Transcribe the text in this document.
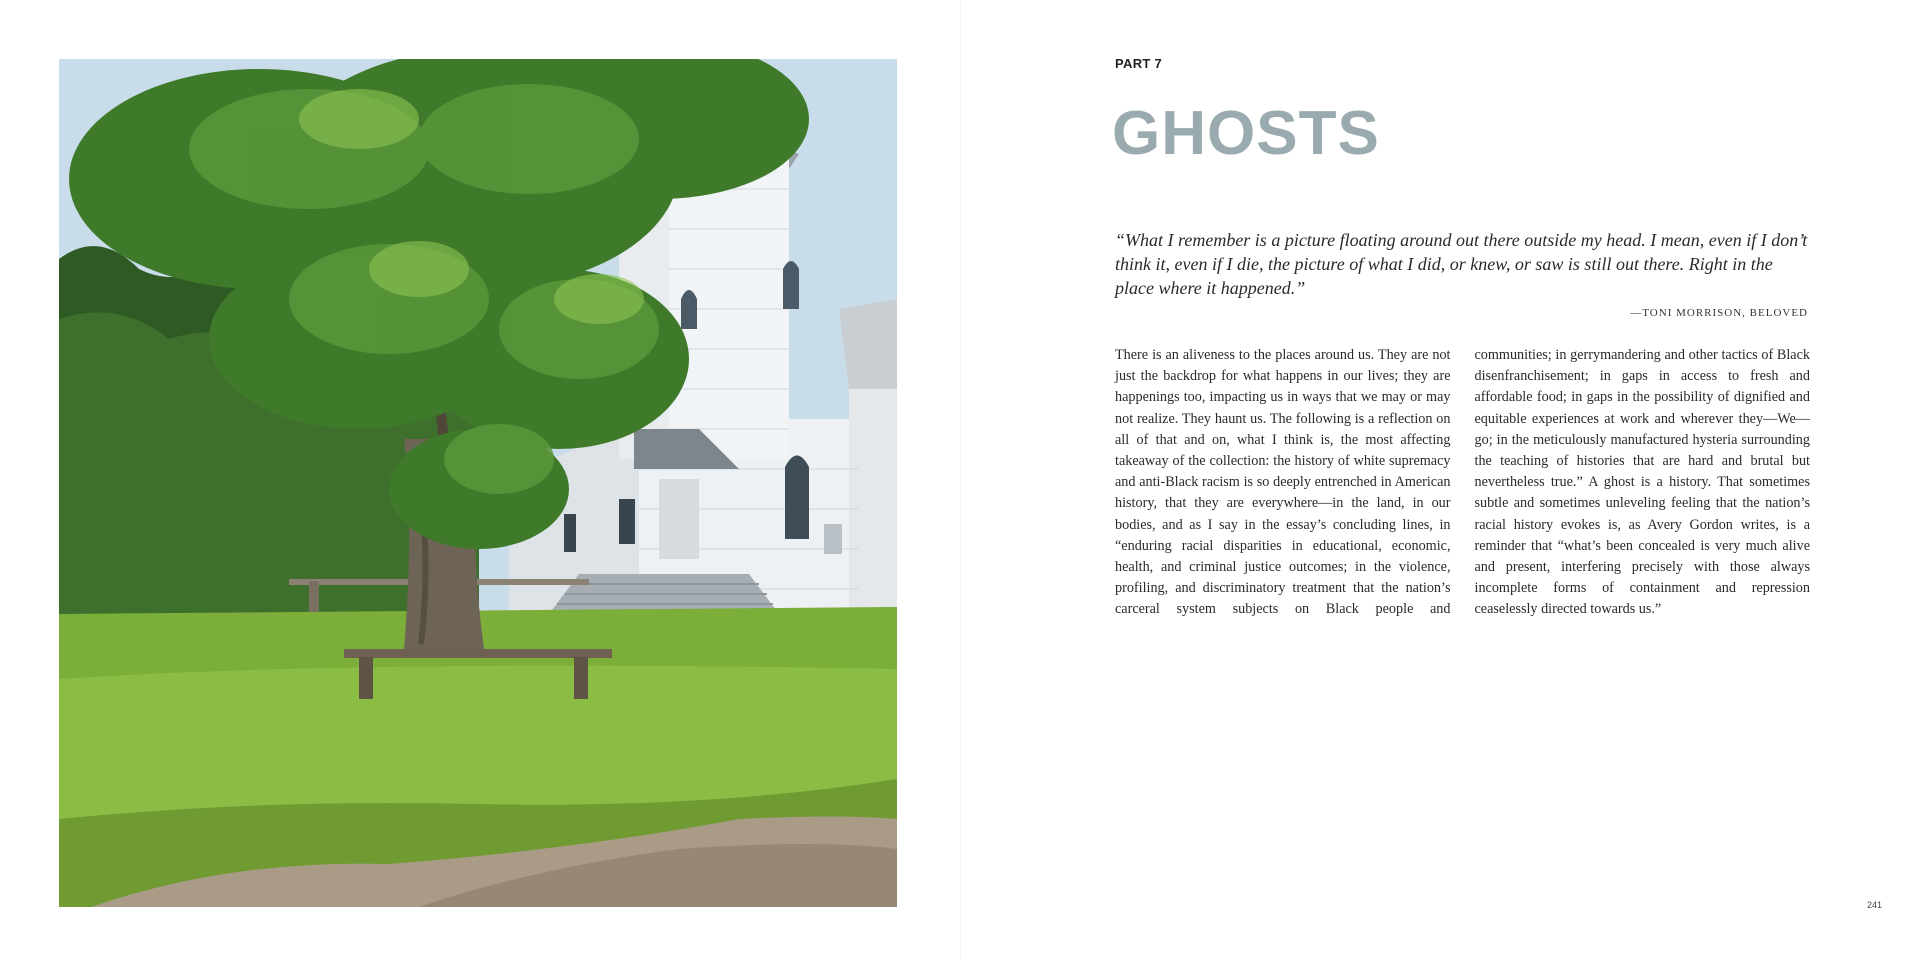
PART 7
GHOSTS

“What I remember is a picture floating around out there outside my head. I mean, even if I don’t think it, even if I die, the picture of what I did, or knew, or saw is still out there. Right in the place where it happened.”

—TONI MORRISON, BELOVED

There is an aliveness to the places around us. They are not just the backdrop for what happens in our lives; they are happenings too, impacting us in ways that we may or may not realize. They haunt us. The following is a reflection on all of that and on, what I think is, the most affecting takeaway of the collection: the history of white supremacy and anti-Black racism is so deeply entrenched in American history, that they are everywhere—in the land, in our bodies, and as I say in the essay’s concluding lines, in “enduring racial disparities in educational, economic, health, and criminal justice outcomes; in the violence, profiling, and discriminatory treatment that the nation’s carceral system subjects on Black people and communities; in gerrymandering and other tactics of Black disenfranchisement; in gaps in access to fresh and affordable food; in gaps in the possibility of dignified and equitable experiences at work and wherever they—We—go; in the meticulously manufactured hysteria surrounding the teaching of histories that are hard and brutal but nevertheless true.” A ghost is a history. That sometimes subtle and sometimes unleveling feeling that the nation’s racial history evokes is, as Avery Gordon writes, is a reminder that “what’s been concealed is very much alive and present, interfering precisely with those always incomplete forms of containment and repression ceaselessly directed towards us.”

241
